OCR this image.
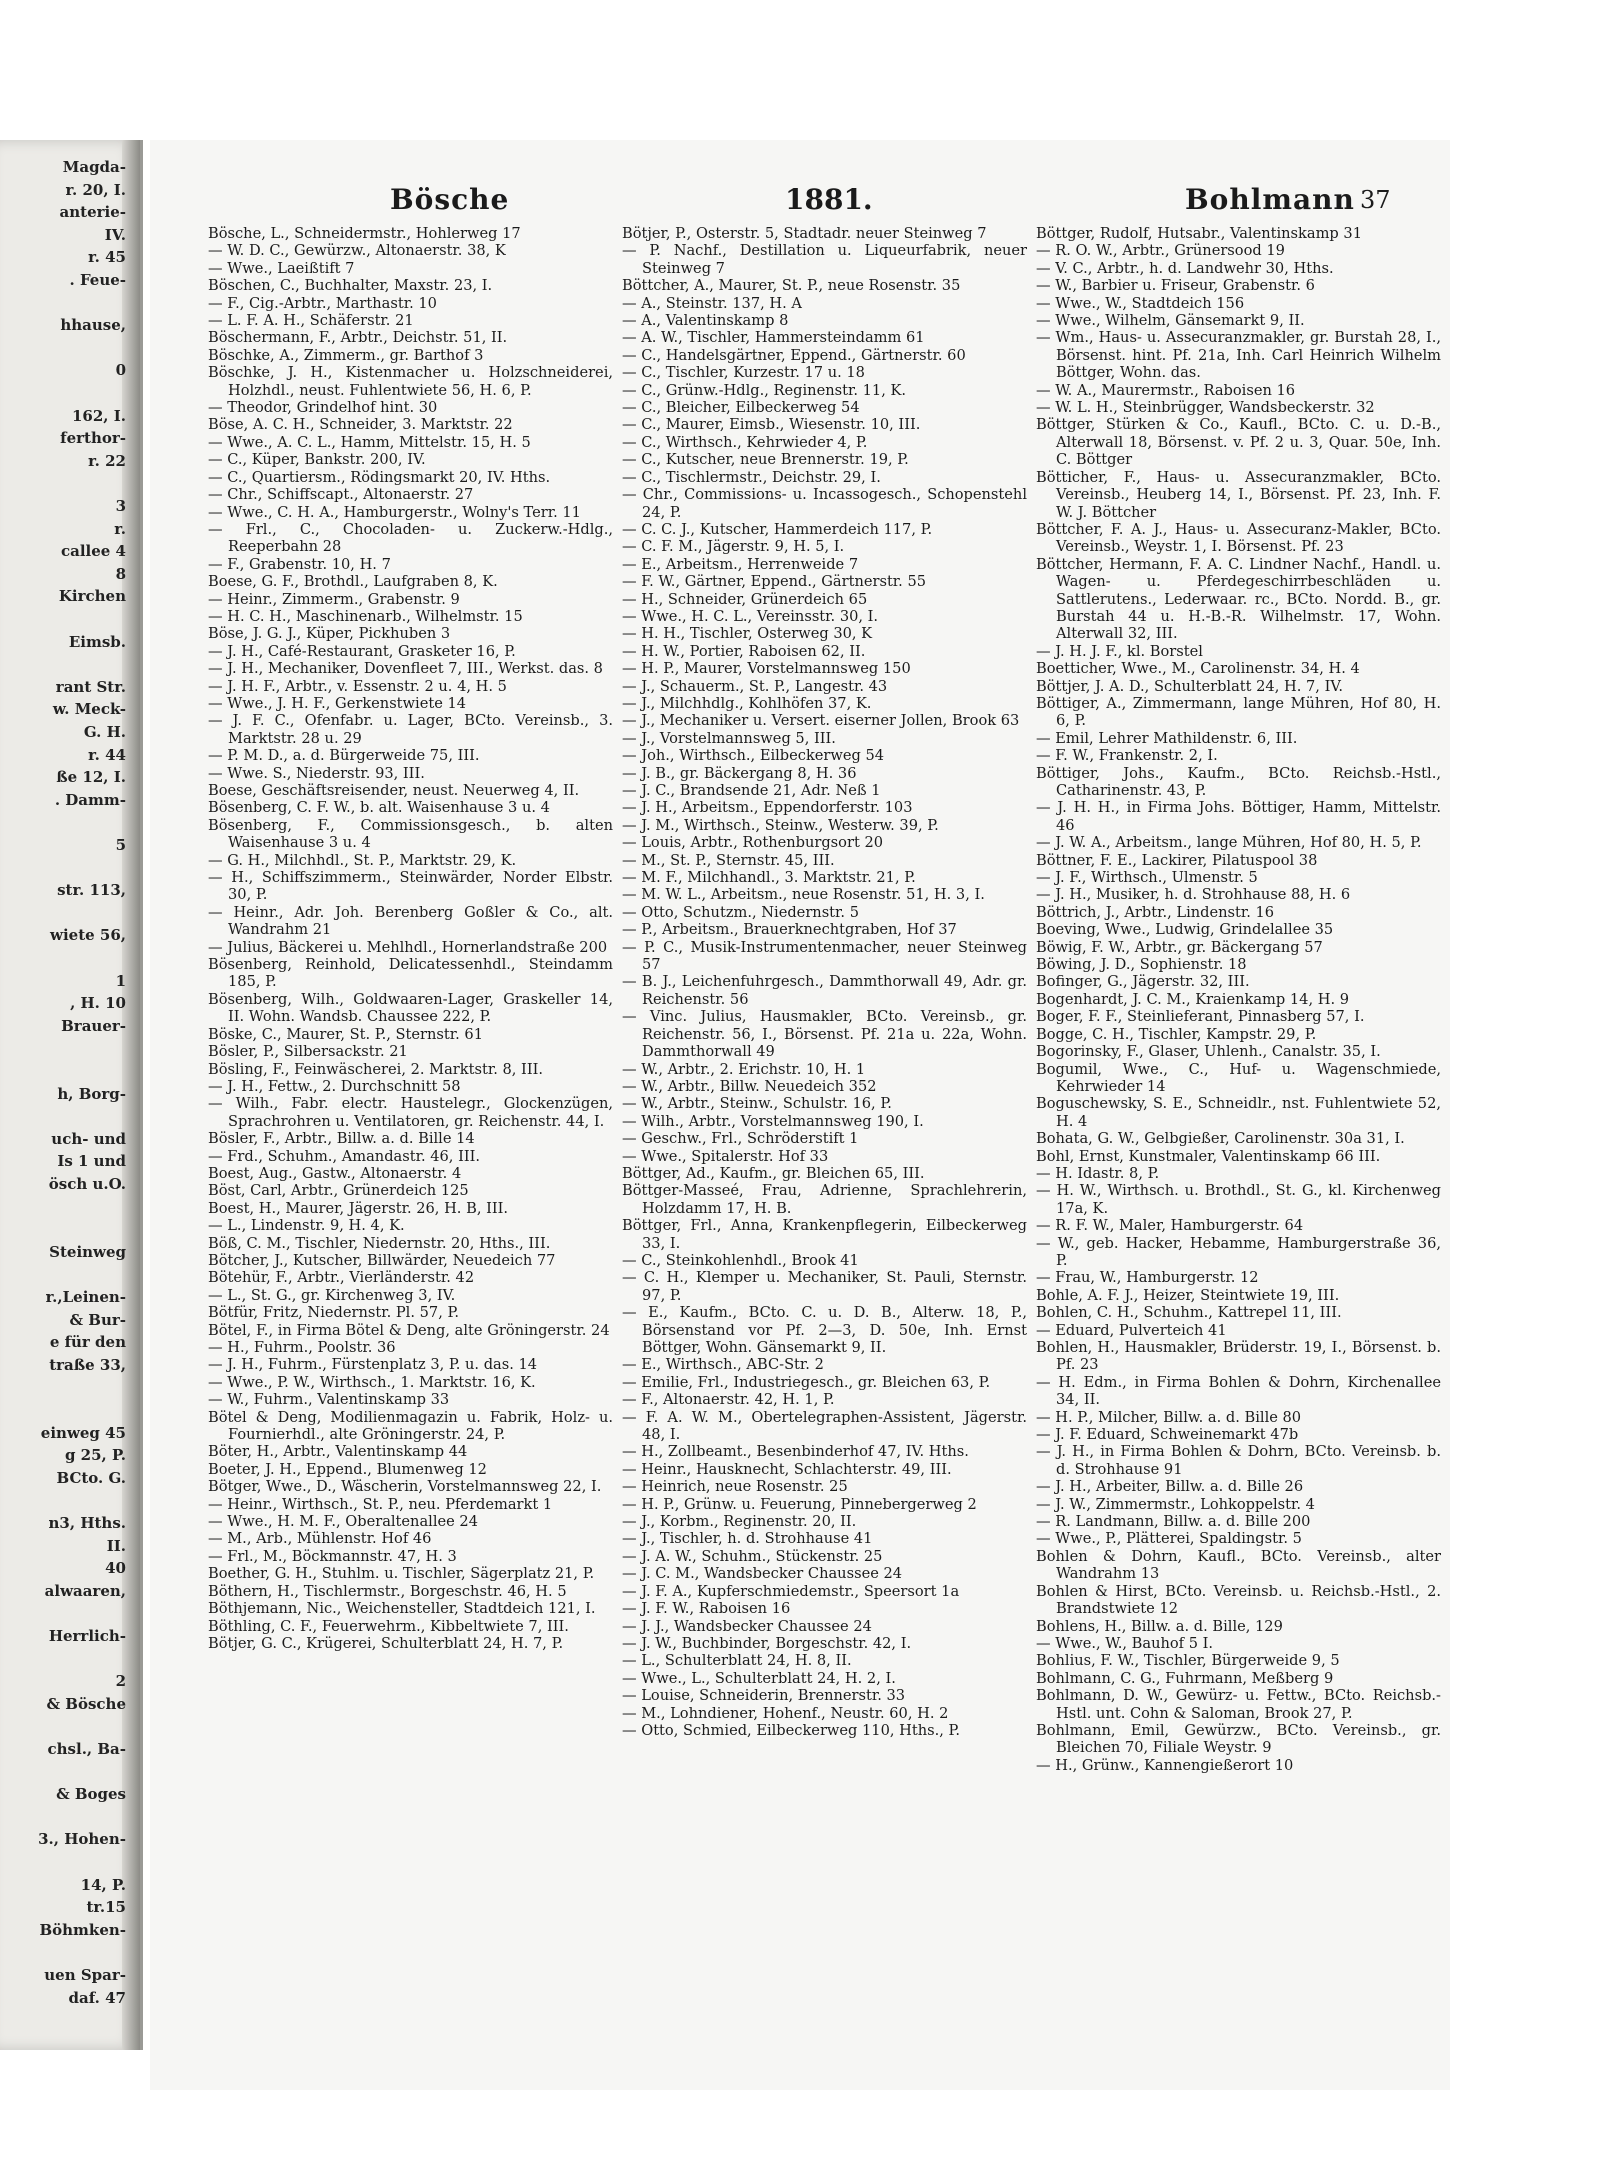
Magda-
r. 20, I.
anterie-
IV.
r. 45
. Feue-
hhause,
0
162, I.
ferthor-
r. 22
3
r.
callee 4
8
Kirchen
Eimsb.
rant Str.
w. Meck-
G. H.
r. 44
ße 12, I.
. Damm-
5
str. 113,
wiete 56,
1
, H. 10
Brauer-
h, Borg-
uch- und
Is 1 und
ösch u.O.
Steinweg
r.,Leinen-
& Bur-
e für den
traße 33,
einweg 45
g 25, P.
BCto. G.
n3, Hths.
II.
40
alwaaren,
Herrlich-
2
& Bösche
chsl., Ba-
& Boges
3., Hohen-
14, P.
tr.15
Böhmken-
uen Spar-
daf. 47
Bösche	1881.	Bohlmann 37

Bösche, L., Schneidermstr., Hohlerweg 17

— W. D. C., Gewürzw., Altonaerstr. 38, K

— Wwe., Laeißtift 7

Böschen, C., Buchhalter, Maxstr. 23, I.

— F., Cig.-Arbtr., Marthastr. 10

— L. F. A. H., Schäferstr. 21

Böschermann, F., Arbtr., Deichstr. 51, II.

Böschke, A., Zimmerm., gr. Barthof 3

Böschke, J. H., Kistenmacher u. Holzschneiderei, Holzhdl., neust. Fuhlentwiete 56, H. 6, P.

— Theodor, Grindelhof hint. 30

Böse, A. C. H., Schneider, 3. Marktstr. 22

— Wwe., A. C. L., Hamm, Mittelstr. 15, H. 5

— C., Küper, Bankstr. 200, IV.

— C., Quartiersm., Rödingsmarkt 20, IV. Hths.

— Chr., Schiffscapt., Altonaerstr. 27

— Wwe., C. H. A., Hamburgerstr., Wolny's Terr. 11

— Frl., C., Chocoladen- u. Zuckerw.-Hdlg., Reeperbahn 28

— F., Grabenstr. 10, H. 7

Boese, G. F., Brothdl., Laufgraben 8, K.

— Heinr., Zimmerm., Grabenstr. 9

— H. C. H., Maschinenarb., Wilhelmstr. 15

Böse, J. G. J., Küper, Pickhuben 3

— J. H., Café-Restaurant, Grasketer 16, P.

— J. H., Mechaniker, Dovenfleet 7, III., Werkst. das. 8

— J. H. F., Arbtr., v. Essenstr. 2 u. 4, H. 5

— Wwe., J. H. F., Gerkenstwiete 14

— J. F. C., Ofenfabr. u. Lager, BCto. Vereinsb., 3. Marktstr. 28 u. 29

— P. M. D., a. d. Bürgerweide 75, III.

— Wwe. S., Niederstr. 93, III.

Boese, Geschäftsreisender, neust. Neuerweg 4, II.

Bösenberg, C. F. W., b. alt. Waisenhause 3 u. 4

Bösenberg, F., Commissionsgesch., b. alten Waisenhause 3 u. 4

— G. H., Milchhdl., St. P., Marktstr. 29, K.

— H., Schiffszimmerm., Steinwärder, Norder Elbstr. 30, P.

— Heinr., Adr. Joh. Berenberg Goßler & Co., alt. Wandrahm 21

— Julius, Bäckerei u. Mehlhdl., Hornerlandstraße 200

Bösenberg, Reinhold, Delicatessenhdl., Steindamm 185, P.

Bösenberg, Wilh., Goldwaaren-Lager, Graskeller 14, II. Wohn. Wandsb. Chaussee 222, P.

Böske, C., Maurer, St. P., Sternstr. 61

Bösler, P., Silbersackstr. 21

Bösling, F., Feinwäscherei, 2. Marktstr. 8, III.

— J. H., Fettw., 2. Durchschnitt 58

— Wilh., Fabr. electr. Haustelegr., Glockenzügen, Sprachrohren u. Ventilatoren, gr. Reichenstr. 44, I.

Bösler, F., Arbtr., Billw. a. d. Bille 14

— Frd., Schuhm., Amandastr. 46, III.

Boest, Aug., Gastw., Altonaerstr. 4

Böst, Carl, Arbtr., Grünerdeich 125

Boest, H., Maurer, Jägerstr. 26, H. B, III.

— L., Lindenstr. 9, H. 4, K.

Böß, C. M., Tischler, Niedernstr. 20, Hths., III.

Bötcher, J., Kutscher, Billwärder, Neuedeich 77

Bötehür, F., Arbtr., Vierländerstr. 42

— L., St. G., gr. Kirchenweg 3, IV.

Bötfür, Fritz, Niedernstr. Pl. 57, P.

Bötel, F., in Firma Bötel & Deng, alte Gröningerstr. 24

— H., Fuhrm., Poolstr. 36

— J. H., Fuhrm., Fürstenplatz 3, P. u. das. 14

— Wwe., P. W., Wirthsch., 1. Marktstr. 16, K.

— W., Fuhrm., Valentinskamp 33

Bötel & Deng, Modilienmagazin u. Fabrik, Holz- u. Fournierhdl., alte Gröningerstr. 24, P.

Böter, H., Arbtr., Valentinskamp 44

Boeter, J. H., Eppend., Blumenweg 12

Bötger, Wwe., D., Wäscherin, Vorstelmannsweg 22, I.

— Heinr., Wirthsch., St. P., neu. Pferdemarkt 1

— Wwe., H. M. F., Oberaltenallee 24

— M., Arb., Mühlenstr. Hof 46

— Frl., M., Böckmannstr. 47, H. 3

Boether, G. H., Stuhlm. u. Tischler, Sägerplatz 21, P.

Böthern, H., Tischlermstr., Borgeschstr. 46, H. 5

Böthjemann, Nic., Weichensteller, Stadtdeich 121, I.

Böthling, C. F., Feuerwehrm., Kibbeltwiete 7, III.

Bötjer, G. C., Krügerei, Schulterblatt 24, H. 7, P.

Bötjer, P., Osterstr. 5, Stadtadr. neuer Steinweg 7

— P. Nachf., Destillation u. Liqueurfabrik, neuer Steinweg 7

Böttcher, A., Maurer, St. P., neue Rosenstr. 35

— A., Steinstr. 137, H. A

— A., Valentinskamp 8

— A. W., Tischler, Hammersteindamm 61

— C., Handelsgärtner, Eppend., Gärtnerstr. 60

— C., Tischler, Kurzestr. 17 u. 18

— C., Grünw.-Hdlg., Reginenstr. 11, K.

— C., Bleicher, Eilbeckerweg 54

— C., Maurer, Eimsb., Wiesenstr. 10, III.

— C., Wirthsch., Kehrwieder 4, P.

— C., Kutscher, neue Brennerstr. 19, P.

— C., Tischlermstr., Deichstr. 29, I.

— Chr., Commissions- u. Incassogesch., Schopenstehl 24, P.

— C. C. J., Kutscher, Hammerdeich 117, P.

— C. F. M., Jägerstr. 9, H. 5, I.

— E., Arbeitsm., Herrenweide 7

— F. W., Gärtner, Eppend., Gärtnerstr. 55

— H., Schneider, Grünerdeich 65

— Wwe., H. C. L., Vereinsstr. 30, I.

— H. H., Tischler, Osterweg 30, K

— H. W., Portier, Raboisen 62, II.

— H. P., Maurer, Vorstelmannsweg 150

— J., Schauerm., St. P., Langestr. 43

— J., Milchhdlg., Kohlhöfen 37, K.

— J., Mechaniker u. Versert. eiserner Jollen, Brook 63

— J., Vorstelmannsweg 5, III.

— Joh., Wirthsch., Eilbeckerweg 54

— J. B., gr. Bäckergang 8, H. 36

— J. C., Brandsende 21, Adr. Neß 1

— J. H., Arbeitsm., Eppendorferstr. 103

— J. M., Wirthsch., Steinw., Westerw. 39, P.

— Louis, Arbtr., Rothenburgsort 20

— M., St. P., Sternstr. 45, III.

— M. F., Milchhandl., 3. Marktstr. 21, P.

— M. W. L., Arbeitsm., neue Rosenstr. 51, H. 3, I.

— Otto, Schutzm., Niedernstr. 5

— P., Arbeitsm., Brauerknechtgraben, Hof 37

— P. C., Musik-Instrumentenmacher, neuer Steinweg 57

— B. J., Leichenfuhrgesch., Dammthorwall 49, Adr. gr. Reichenstr. 56

— Vinc. Julius, Hausmakler, BCto. Vereinsb., gr. Reichenstr. 56, I., Börsenst. Pf. 21a u. 22a, Wohn. Dammthorwall 49

— W., Arbtr., 2. Erichstr. 10, H. 1

— W., Arbtr., Billw. Neuedeich 352

— W., Arbtr., Steinw., Schulstr. 16, P.

— Wilh., Arbtr., Vorstelmannsweg 190, I.

— Geschw., Frl., Schröderstift 1

— Wwe., Spitalerstr. Hof 33

Böttger, Ad., Kaufm., gr. Bleichen 65, III.

Böttger-Masseé, Frau, Adrienne, Sprachlehrerin, Holzdamm 17, H. B.

Böttger, Frl., Anna, Krankenpflegerin, Eilbeckerweg 33, I.

— C., Steinkohlenhdl., Brook 41

— C. H., Klemper u. Mechaniker, St. Pauli, Sternstr. 97, P.

— E., Kaufm., BCto. C. u. D. B., Alterw. 18, P., Börsenstand vor Pf. 2—3, D. 50e, Inh. Ernst Böttger, Wohn. Gänsemarkt 9, II.

— E., Wirthsch., ABC-Str. 2

— Emilie, Frl., Industriegesch., gr. Bleichen 63, P.

— F., Altonaerstr. 42, H. 1, P.

— F. A. W. M., Obertelegraphen-Assistent, Jägerstr. 48, I.

— H., Zollbeamt., Besenbinderhof 47, IV. Hths.

— Heinr., Hausknecht, Schlachterstr. 49, III.

— Heinrich, neue Rosenstr. 25

— H. P., Grünw. u. Feuerung, Pinnebergerweg 2

— J., Korbm., Reginenstr. 20, II.

— J., Tischler, h. d. Strohhause 41

— J. A. W., Schuhm., Stückenstr. 25

— J. C. M., Wandsbecker Chaussee 24

— J. F. A., Kupferschmiedemstr., Speersort 1a

— J. F. W., Raboisen 16

— J. J., Wandsbecker Chaussee 24

— J. W., Buchbinder, Borgeschstr. 42, I.

— L., Schulterblatt 24, H. 8, II.

— Wwe., L., Schulterblatt 24, H. 2, I.

— Louise, Schneiderin, Brennerstr. 33

— M., Lohndiener, Hohenf., Neustr. 60, H. 2

— Otto, Schmied, Eilbeckerweg 110, Hths., P.

Böttger, Rudolf, Hutsabr., Valentinskamp 31

— R. O. W., Arbtr., Grünersood 19

— V. C., Arbtr., h. d. Landwehr 30, Hths.

— W., Barbier u. Friseur, Grabenstr. 6

— Wwe., W., Stadtdeich 156

— Wwe., Wilhelm, Gänsemarkt 9, II.

— Wm., Haus- u. Assecuranzmakler, gr. Burstah 28, I., Börsenst. hint. Pf. 21a, Inh. Carl Heinrich Wilhelm Böttger, Wohn. das.

— W. A., Maurermstr., Raboisen 16

— W. L. H., Steinbrügger, Wandsbeckerstr. 32

Böttger, Stürken & Co., Kaufl., BCto. C. u. D.-B., Alterwall 18, Börsenst. v. Pf. 2 u. 3, Quar. 50e, Inh. C. Böttger

Bötticher, F., Haus- u. Assecuranzmakler, BCto. Vereinsb., Heuberg 14, I., Börsenst. Pf. 23, Inh. F. W. J. Böttcher

Böttcher, F. A. J., Haus- u. Assecuranz-Makler, BCto. Vereinsb., Weystr. 1, I. Börsenst. Pf. 23

Böttcher, Hermann, F. A. C. Lindner Nachf., Handl. u. Wagen- u. Pferdegeschirrbeschläden u. Sattlerutens., Lederwaar. rc., BCto. Nordd. B., gr. Burstah 44 u. H.-B.-R. Wilhelmstr. 17, Wohn. Alterwall 32, III.

— J. H. J. F., kl. Borstel

Boetticher, Wwe., M., Carolinenstr. 34, H. 4

Böttjer, J. A. D., Schulterblatt 24, H. 7, IV.

Böttiger, A., Zimmermann, lange Mühren, Hof 80, H. 6, P.

— Emil, Lehrer Mathildenstr. 6, III.

— F. W., Frankenstr. 2, I.

Böttiger, Johs., Kaufm., BCto. Reichsb.-Hstl., Catharinenstr. 43, P.

— J. H. H., in Firma Johs. Böttiger, Hamm, Mittelstr. 46

— J. W. A., Arbeitsm., lange Mühren, Hof 80, H. 5, P.

Böttner, F. E., Lackirer, Pilatuspool 38

— J. F., Wirthsch., Ulmenstr. 5

— J. H., Musiker, h. d. Strohhause 88, H. 6

Böttrich, J., Arbtr., Lindenstr. 16

Boeving, Wwe., Ludwig, Grindelallee 35

Böwig, F. W., Arbtr., gr. Bäckergang 57

Böwing, J. D., Sophienstr. 18

Bofinger, G., Jägerstr. 32, III.

Bogenhardt, J. C. M., Kraienkamp 14, H. 9

Boger, F. F., Steinlieferant, Pinnasberg 57, I.

Bogge, C. H., Tischler, Kampstr. 29, P.

Bogorinsky, F., Glaser, Uhlenh., Canalstr. 35, I.

Bogumil, Wwe., C., Huf- u. Wagenschmiede, Kehrwieder 14

Boguschewsky, S. E., Schneidlr., nst. Fuhlentwiete 52, H. 4

Bohata, G. W., Gelbgießer, Carolinenstr. 30a 31, I.

Bohl, Ernst, Kunstmaler, Valentinskamp 66 III.

— H. Idastr. 8, P.

— H. W., Wirthsch. u. Brothdl., St. G., kl. Kirchenweg 17a, K.

— R. F. W., Maler, Hamburgerstr. 64

— W., geb. Hacker, Hebamme, Hamburgerstraße 36, P.

— Frau, W., Hamburgerstr. 12

Bohle, A. F. J., Heizer, Steintwiete 19, III.

Bohlen, C. H., Schuhm., Kattrepel 11, III.

— Eduard, Pulverteich 41

Bohlen, H., Hausmakler, Brüderstr. 19, I., Börsenst. b. Pf. 23

— H. Edm., in Firma Bohlen & Dohrn, Kirchenallee 34, II.

— H. P., Milcher, Billw. a. d. Bille 80

— J. F. Eduard, Schweinemarkt 47b

— J. H., in Firma Bohlen & Dohrn, BCto. Vereinsb. b. d. Strohhause 91

— J. H., Arbeiter, Billw. a. d. Bille 26

— J. W., Zimmermstr., Lohkoppelstr. 4

— R. Landmann, Billw. a. d. Bille 200

— Wwe., P., Plätterei, Spaldingstr. 5

Bohlen & Dohrn, Kaufl., BCto. Vereinsb., alter Wandrahm 13

Bohlen & Hirst, BCto. Vereinsb. u. Reichsb.-Hstl., 2. Brandstwiete 12

Bohlens, H., Billw. a. d. Bille, 129

— Wwe., W., Bauhof 5 I.

Bohlius, F. W., Tischler, Bürgerweide 9, 5

Bohlmann, C. G., Fuhrmann, Meßberg 9

Bohlmann, D. W., Gewürz- u. Fettw., BCto. Reichsb.-Hstl. unt. Cohn & Saloman, Brook 27, P.

Bohlmann, Emil, Gewürzw., BCto. Vereinsb., gr. Bleichen 70, Filiale Weystr. 9

— H., Grünw., Kannengießerort 10
